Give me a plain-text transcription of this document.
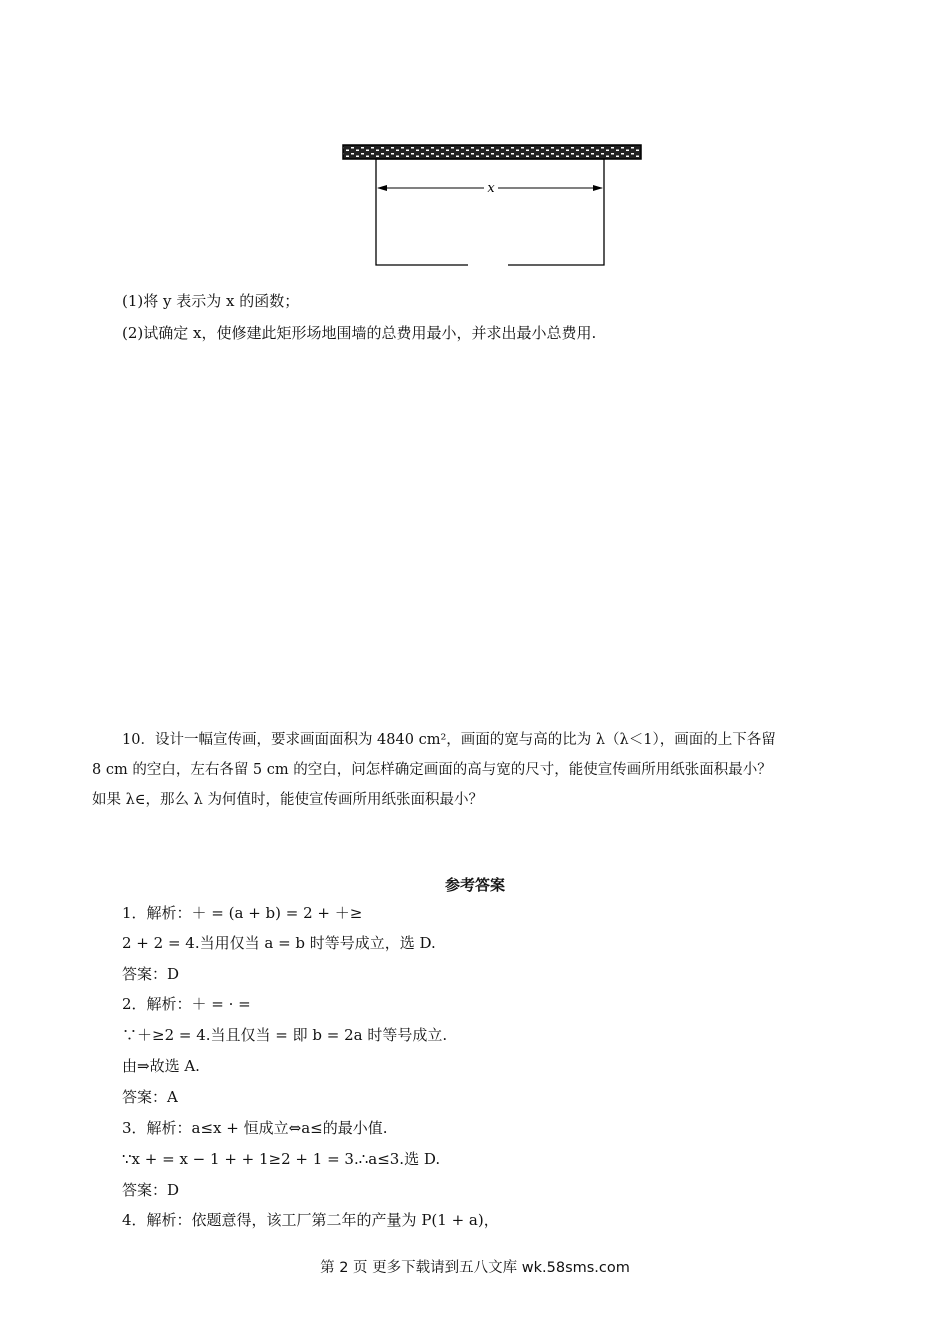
x
(1)将 y 表示为 x 的函数；
(2)试确定 x，使修建此矩形场地围墙的总费用最小，并求出最小总费用.
10．设计一幅宣传画，要求画面面积为 4840 cm²，画面的宽与高的比为 λ（λ＜1），画面的上下各留
8 cm 的空白，左右各留 5 cm 的空白，问怎样确定画面的高与宽的尺寸，能使宣传画所用纸张面积最小？
如果 λ∈，那么 λ 为何值时，能使宣传画所用纸张面积最小？
参考答案
1．解析：＋ = (a + b) = 2 + ＋≥
2 + 2 = 4.当用仅当 a = b 时等号成立，选 D.
答案：D
2．解析：＋ = · =
∵＋≥2 = 4.当且仅当 = 即 b = 2a 时等号成立.
由⇒故选 A.
答案：A
3．解析：a≤x + 恒成立⇔a≤的最小值.
∵x + = x − 1 + + 1≥2 + 1 = 3.∴a≤3.选 D.
答案：D
4．解析：依题意得，该工厂第二年的产量为 P(1 + a)，
第 2 页 更多下载请到五八文库 wk.58sms.com
